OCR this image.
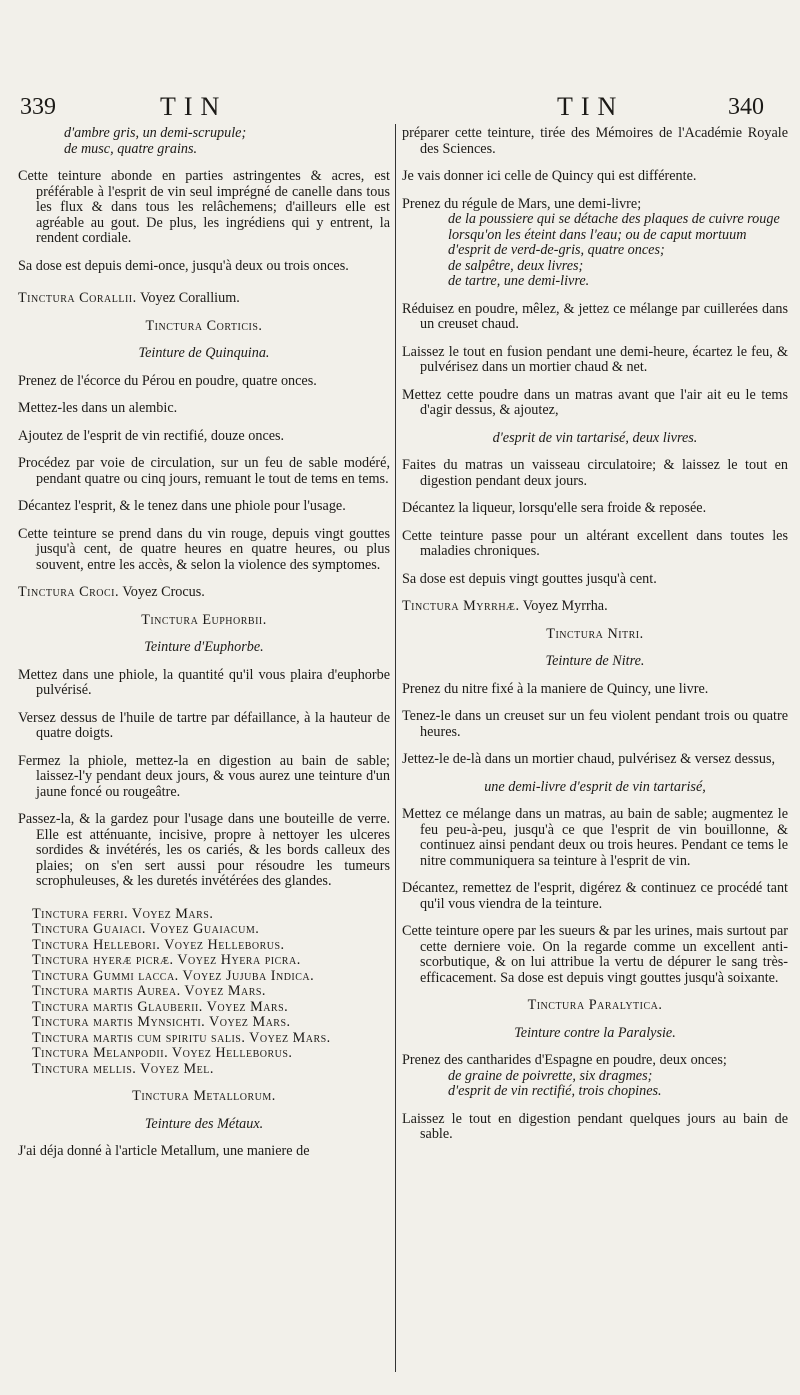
339	TIN	TIN	340

d'ambre gris, un demi-scrupule;

de musc, quatre grains.

Cette teinture abonde en parties astringentes & acres, est préférable à l'esprit de vin seul imprégné de canelle dans tous les flux & dans tous les relâchemens; d'ailleurs elle est agréable au gout. De plus, les ingrédiens qui y entrent, la rendent cordiale.

Sa dose est depuis demi-once, jusqu'à deux ou trois onces.

Tinctura Corallii. Voyez Corallium.

Tinctura Corticis.

Teinture de Quinquina.

Prenez de l'écorce du Pérou en poudre, quatre onces.

Mettez-les dans un alembic.

Ajoutez de l'esprit de vin rectifié, douze onces.

Procédez par voie de circulation, sur un feu de sable modéré, pendant quatre ou cinq jours, remuant le tout de tems en tems.

Décantez l'esprit, & le tenez dans une phiole pour l'usage.

Cette teinture se prend dans du vin rouge, depuis vingt gouttes jusqu'à cent, de quatre heures en quatre heures, ou plus souvent, entre les accès, & selon la violence des symptomes.

Tinctura Croci. Voyez Crocus.

Tinctura Euphorbii.

Teinture d'Euphorbe.

Mettez dans une phiole, la quantité qu'il vous plaira d'euphorbe pulvérisé.

Versez dessus de l'huile de tartre par défaillance, à la hauteur de quatre doigts.

Fermez la phiole, mettez-la en digestion au bain de sable; laissez-l'y pendant deux jours, & vous aurez une teinture d'un jaune foncé ou rougeâtre.

Passez-la, & la gardez pour l'usage dans une bouteille de verre. Elle est atténuante, incisive, propre à nettoyer les ulceres sordides & invétérés, les os cariés, & les bords calleux des plaies; on s'en sert aussi pour résoudre les tumeurs scrophuleuses, & les duretés invétérées des glandes.

Tinctura ferri. Voyez Mars.

Tinctura Guaiaci. Voyez Guaiacum.

Tinctura Hellebori. Voyez Helleborus.

Tinctura hyeræ picræ. Voyez Hyera picra.

Tinctura Gummi lacca. Voyez Jujuba Indica.

Tinctura martis Aurea. Voyez Mars.

Tinctura martis Glauberii. Voyez Mars.

Tinctura martis Mynsichti. Voyez Mars.

Tinctura martis cum spiritu salis. Voyez Mars.

Tinctura Melanpodii. Voyez Helleborus.

Tinctura mellis. Voyez Mel.

Tinctura Metallorum.

Teinture des Métaux.

J'ai déja donné à l'article Metallum, une maniere de

préparer cette teinture, tirée des Mémoires de l'Académie Royale des Sciences.

Je vais donner ici celle de Quincy qui est différente.

Prenez du régule de Mars, une demi-livre;

de la poussiere qui se détache des plaques de cuivre rouge lorsqu'on les éteint dans l'eau; ou de caput mortuum d'esprit de verd-de-gris, quatre onces;

de salpêtre, deux livres;

de tartre, une demi-livre.

Réduisez en poudre, mêlez, & jettez ce mélange par cuillerées dans un creuset chaud.

Laissez le tout en fusion pendant une demi-heure, écartez le feu, & pulvérisez dans un mortier chaud & net.

Mettez cette poudre dans un matras avant que l'air ait eu le tems d'agir dessus, & ajoutez,

d'esprit de vin tartarisé, deux livres.

Faites du matras un vaisseau circulatoire; & laissez le tout en digestion pendant deux jours.

Décantez la liqueur, lorsqu'elle sera froide & reposée.

Cette teinture passe pour un altérant excellent dans toutes les maladies chroniques.

Sa dose est depuis vingt gouttes jusqu'à cent.

Tinctura Myrrhæ. Voyez Myrrha.

Tinctura Nitri.

Teinture de Nitre.

Prenez du nitre fixé à la maniere de Quincy, une livre.

Tenez-le dans un creuset sur un feu violent pendant trois ou quatre heures.

Jettez-le de-là dans un mortier chaud, pulvérisez & versez dessus,

une demi-livre d'esprit de vin tartarisé,

Mettez ce mélange dans un matras, au bain de sable; augmentez le feu peu-à-peu, jusqu'à ce que l'esprit de vin bouillonne, & continuez ainsi pendant deux ou trois heures. Pendant ce tems le nitre communiquera sa teinture à l'esprit de vin.

Décantez, remettez de l'esprit, digérez & continuez ce procédé tant qu'il vous viendra de la teinture.

Cette teinture opere par les sueurs & par les urines, mais surtout par cette derniere voie. On la regarde comme un excellent anti-scorbutique, & on lui attribue la vertu de dépurer le sang très-efficacement. Sa dose est depuis vingt gouttes jusqu'à soixante.

Tinctura Paralytica.

Teinture contre la Paralysie.

Prenez des cantharides d'Espagne en poudre, deux onces;

de graine de poivrette, six dragmes;

d'esprit de vin rectifié, trois chopines.

Laissez le tout en digestion pendant quelques jours au bain de sable.
